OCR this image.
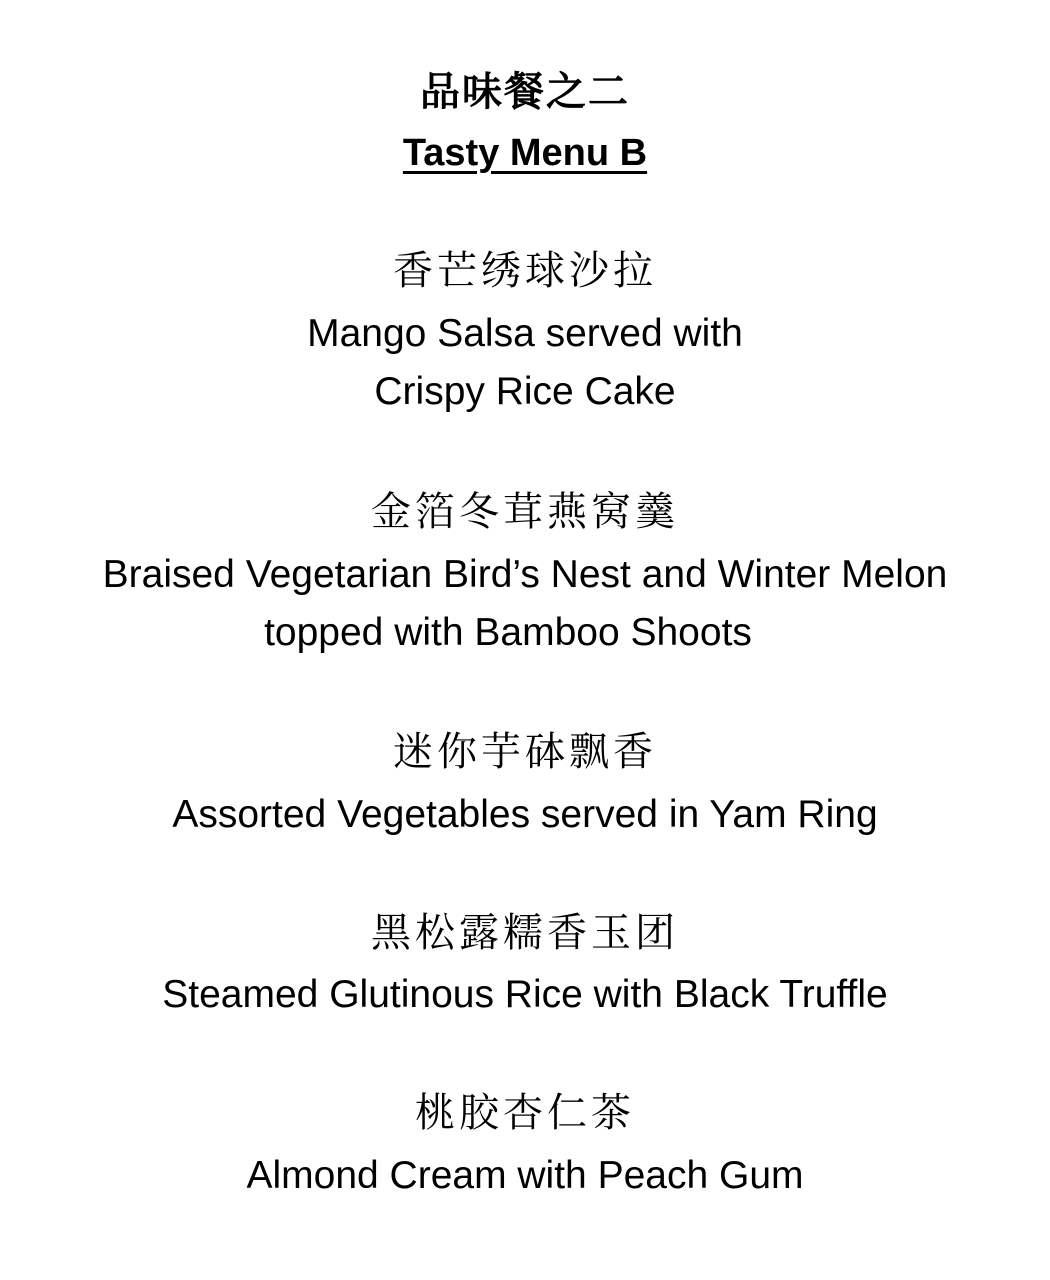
品味餐之二
Tasty Menu B
香芒绣球沙拉
Mango Salsa served with
Crispy Rice Cake
金箔冬茸燕窝羹
Braised Vegetarian Bird’s Nest and Winter Melon
topped with Bamboo Shoots
迷你芋砵飘香
Assorted Vegetables served in Yam Ring
黑松露糯香玉团
Steamed Glutinous Rice with Black Truffle
桃胶杏仁茶
Almond Cream with Peach Gum
